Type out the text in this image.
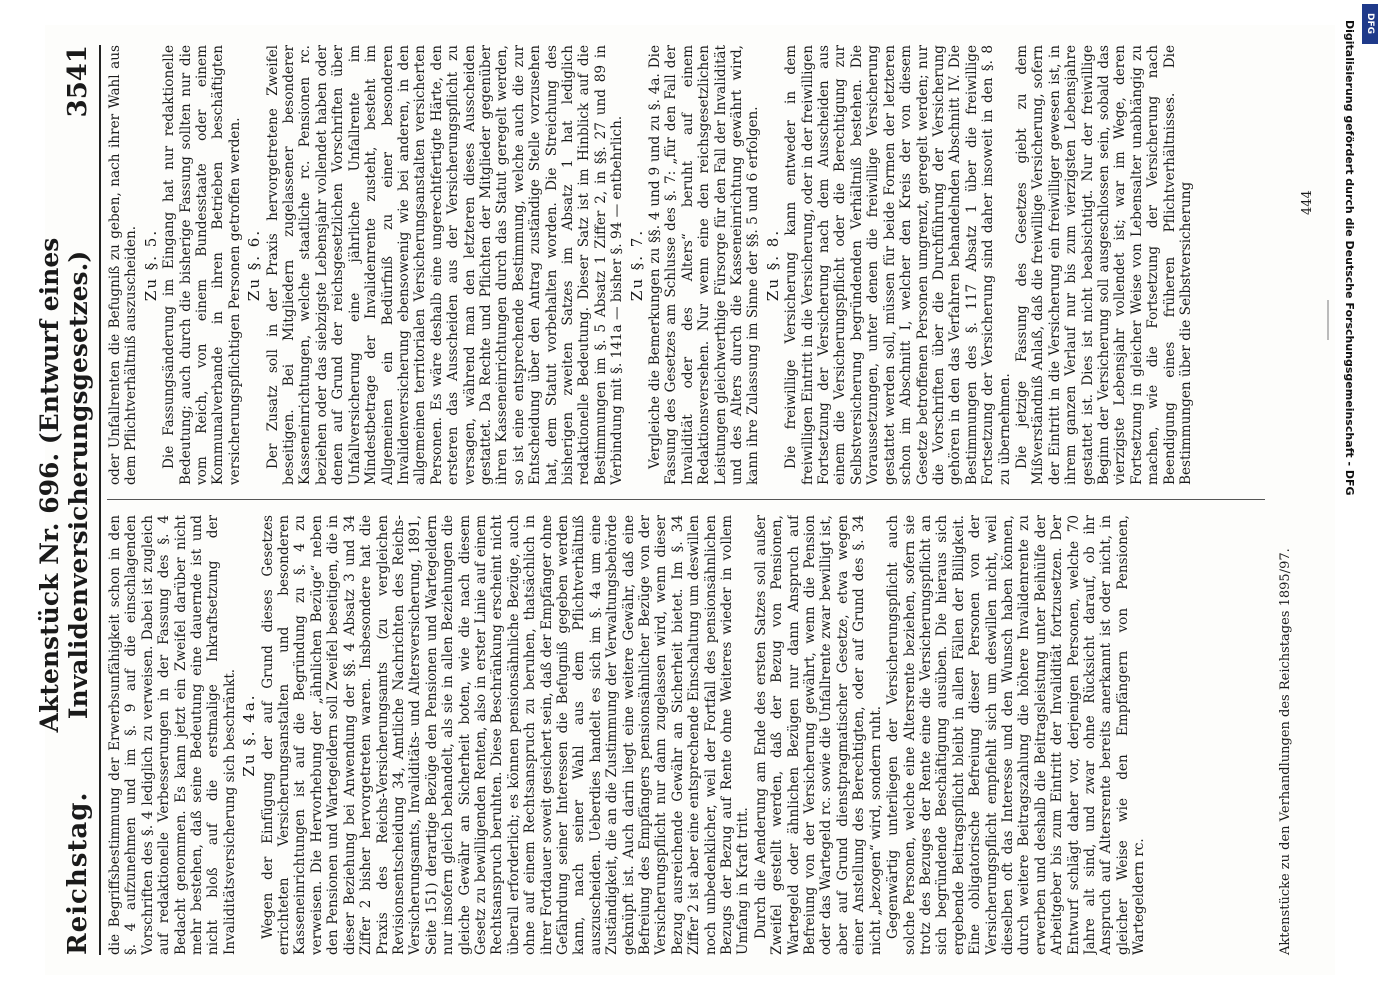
Reichstag.
Aktenstück Nr. 696. (Entwurf eines Invalidenversicherungsgesetzes.)
3541

die Begriffsbestimmung der Erwerbsunfähigkeit schon in den §. 4 aufzunehmen und im §. 9 auf die einschlagenden Vorschriften des §. 4 lediglich zu verweisen. Dabei ist zugleich auf redaktionelle Verbesserungen in der Fassung des §. 4 Bedacht genommen. Es kann jetzt ein Zweifel darüber nicht mehr bestehen, daß seine Bedeutung eine dauernde ist und nicht bloß auf die erstmalige Inkraftsetzung der Invaliditätsversicherung sich beschränkt. Zu §. 4a. Wegen der Einfügung der auf Grund dieses Gesetzes errichteten Versicherungsanstalten und besonderen Kasseneinrichtungen ist auf die Begründung zu §. 4 zu verweisen. Die Hervorhebung der „ähnlichen Bezüge“ neben den Pensionen und Wartegeldern soll Zweifel beseitigen, die in dieser Beziehung bei Anwendung der §§. 4 Absatz 3 und 34 Ziffer 2 bisher hervorgetreten waren. Insbesondere hat die Praxis des Reichs-Versicherungsamts (zu vergleichen Revisionsentscheidung 34, Amtliche Nachrichten des Reichs-Versicherungsamts, Invaliditäts- und Altersversicherung, 1891, Seite 151) derartige Bezüge den Pensionen und Wartegeldern nur insofern gleich behandelt, als sie in allen Beziehungen die gleiche Gewähr an Sicherheit boten, wie die nach diesem Gesetz zu bewilligenden Renten, also in erster Linie auf einem Rechtsanspruch beruhten. Diese Beschränkung erscheint nicht überall erforderlich; es können pensionsähnliche Bezüge, auch ohne auf einem Rechtsanspruch zu beruhen, thatsächlich in ihrer Fortdauer soweit gesichert sein, daß der Empfänger ohne Gefährdung seiner Interessen die Befugniß gegeben werden kann, nach seiner Wahl aus dem Pflichtverhältniß auszuscheiden. Ueberdies handelt es sich im §. 4a um eine Zuständigkeit, die an die Zustimmung der Verwaltungsbehörde geknüpft ist. Auch darin liegt eine weitere Gewähr, daß eine Befreiung des Empfängers pensionsähnlicher Bezüge von der Versicherungspflicht nur dann zugelassen wird, wenn dieser Bezug ausreichende Gewähr an Sicherheit bietet. Im §. 34 Ziffer 2 ist aber eine entsprechende Einschaltung um deswillen noch unbedenklicher, weil der Fortfall des pensionsähnlichen Bezugs der Bezug auf Rente ohne Weiteres wieder in vollem Umfang in Kraft tritt. Durch die Aenderung am Ende des ersten Satzes soll außer Zweifel gestellt werden, daß der Bezug von Pensionen, Wartegeld oder ähnlichen Bezügen nur dann Anspruch auf Befreiung von der Versicherung gewährt, wenn die Pension oder das Wartegeld rc. sowie die Unfallrente zwar bewilligt ist, aber auf Grund dienstpragmatischer Gesetze, etwa wegen einer Anstellung des Berechtigten, oder auf Grund des §. 34 nicht „bezogen“ wird, sondern ruht. Gegenwärtig unterliegen der Versicherungspflicht auch solche Personen, welche eine Altersrente beziehen, sofern sie trotz des Bezuges der Rente eine die Versicherungspflicht an sich begründende Beschäftigung ausüben. Die hieraus sich ergebende Beitragspflicht bleibt in allen Fällen der Billigkeit. Eine obligatorische Befreiung dieser Personen von der Versicherungspflicht empfiehlt sich um deswillen nicht, weil dieselben oft das Interesse und den Wunsch haben können, durch weitere Beitragszahlung die höhere Invalidenrente zu erwerben und deshalb die Beitragsleistung unter Beihülfe der Arbeitgeber bis zum Eintritt der Invalidität fortzusetzen. Der Entwurf schlägt daher vor, derjenigen Personen, welche 70 Jahre alt sind, und zwar ohne Rücksicht darauf, ob ihr Anspruch auf Altersrente bereits anerkannt ist oder nicht, in gleicher Weise wie den Empfängern von Pensionen, Wartegeldern rc.

oder Unfallrenten die Befugniß zu geben, nach ihrer Wahl aus dem Pflichtverhältniß auszuscheiden. Zu §. 5. Die Fassungsänderung im Eingang hat nur redaktionelle Bedeutung; auch durch die bisherige Fassung sollten nur die vom Reich, von einem Bundesstaate oder einem Kommunalverbande in ihren Betrieben beschäftigten versicherungspflichtigen Personen getroffen werden. Zu §. 6. Der Zusatz soll in der Praxis hervorgetretene Zweifel beseitigen. Bei Mitgliedern zugelassener besonderer Kasseneinrichtungen, welche staatliche rc. Pensionen rc. beziehen oder das siebzigste Lebensjahr vollendet haben oder denen auf Grund der reichsgesetzlichen Vorschriften über Unfallversicherung eine jährliche Unfallrente im Mindestbetrage der Invalidenrente zusteht, besteht im Allgemeinen ein Bedürfniß zu einer besonderen Invalidenversicherung ebensowenig wie bei anderen, in den allgemeinen territorialen Versicherungsanstalten versicherten Personen. Es wäre deshalb eine ungerechtfertigte Härte, den ersteren das Ausscheiden aus der Versicherungspflicht zu versagen, während man den letzteren dieses Ausscheiden gestattet. Da Rechte und Pflichten der Mitglieder gegenüber ihren Kasseneinrichtungen durch das Statut geregelt werden, so ist eine entsprechende Bestimmung, welche auch die zur Entscheidung über den Antrag zuständige Stelle vorzusehen hat, dem Statut vorbehalten worden. Die Streichung des bisherigen zweiten Satzes im Absatz 1 hat lediglich redaktionelle Bedeutung. Dieser Satz ist im Hinblick auf die Bestimmungen im §. 5 Absatz 1 Ziffer 2, in §§. 27 und 89 in Verbindung mit §. 141a — bisher §. 94 — entbehrlich. Zu §. 7. Vergleiche die Bemerkungen zu §§. 4 und 9 und zu §. 4a. Die Fassung des Gesetzes am Schlusse des §. 7: „für den Fall der Invalidität oder des Alters“ beruht auf einem Redaktionsversehen. Nur wenn eine den reichsgesetzlichen Leistungen gleichwerthige Fürsorge für den Fall der Invalidität und des Alters durch die Kasseneinrichtung gewährt wird, kann ihre Zulassung im Sinne der §§. 5 und 6 erfolgen. Zu §. 8. Die freiwillige Versicherung kann entweder in dem freiwilligen Eintritt in die Versicherung, oder in der freiwilligen Fortsetzung der Versicherung nach dem Ausscheiden aus einem die Versicherungspflicht oder die Berechtigung zur Selbstversicherung begründenden Verhältniß bestehen. Die Voraussetzungen, unter denen die freiwillige Versicherung gestattet werden soll, müssen für beide Formen der letzteren schon im Abschnitt I, welcher den Kreis der von diesem Gesetze betroffenen Personen umgrenzt, geregelt werden; nur die Vorschriften über die Durchführung der Versicherung gehören in den das Verfahren behandelnden Abschnitt IV. Die Bestimmungen des §. 117 Absatz 1 über die freiwillige Fortsetzung der Versicherung sind daher insoweit in den §. 8 zu übernehmen. Die jetzige Fassung des Gesetzes giebt zu dem Mißverständniß Anlaß, daß die freiwillige Versicherung, sofern der Eintritt in die Versicherung ein freiwilliger gewesen ist, in ihrem ganzen Verlauf nur bis zum vierzigsten Lebensjahre gestattet ist. Dies ist nicht beabsichtigt. Nur der freiwillige Beginn der Versicherung soll ausgeschlossen sein, sobald das vierzigste Lebensjahr vollendet ist; war im Wege, deren Fortsetzung in gleicher Weise von Lebensalter unabhängig zu machen, wie die Fortsetzung der Versicherung nach Beendigung eines früheren Pflichtverhältnisses. Die Bestimmungen über die Selbstversicherung

Aktenstücke zu den Verhandlungen des Reichstages 1895/97.
444
DFG
Digitalisierung gefördert durch die Deutsche Forschungsgemeinschaft - DFG
